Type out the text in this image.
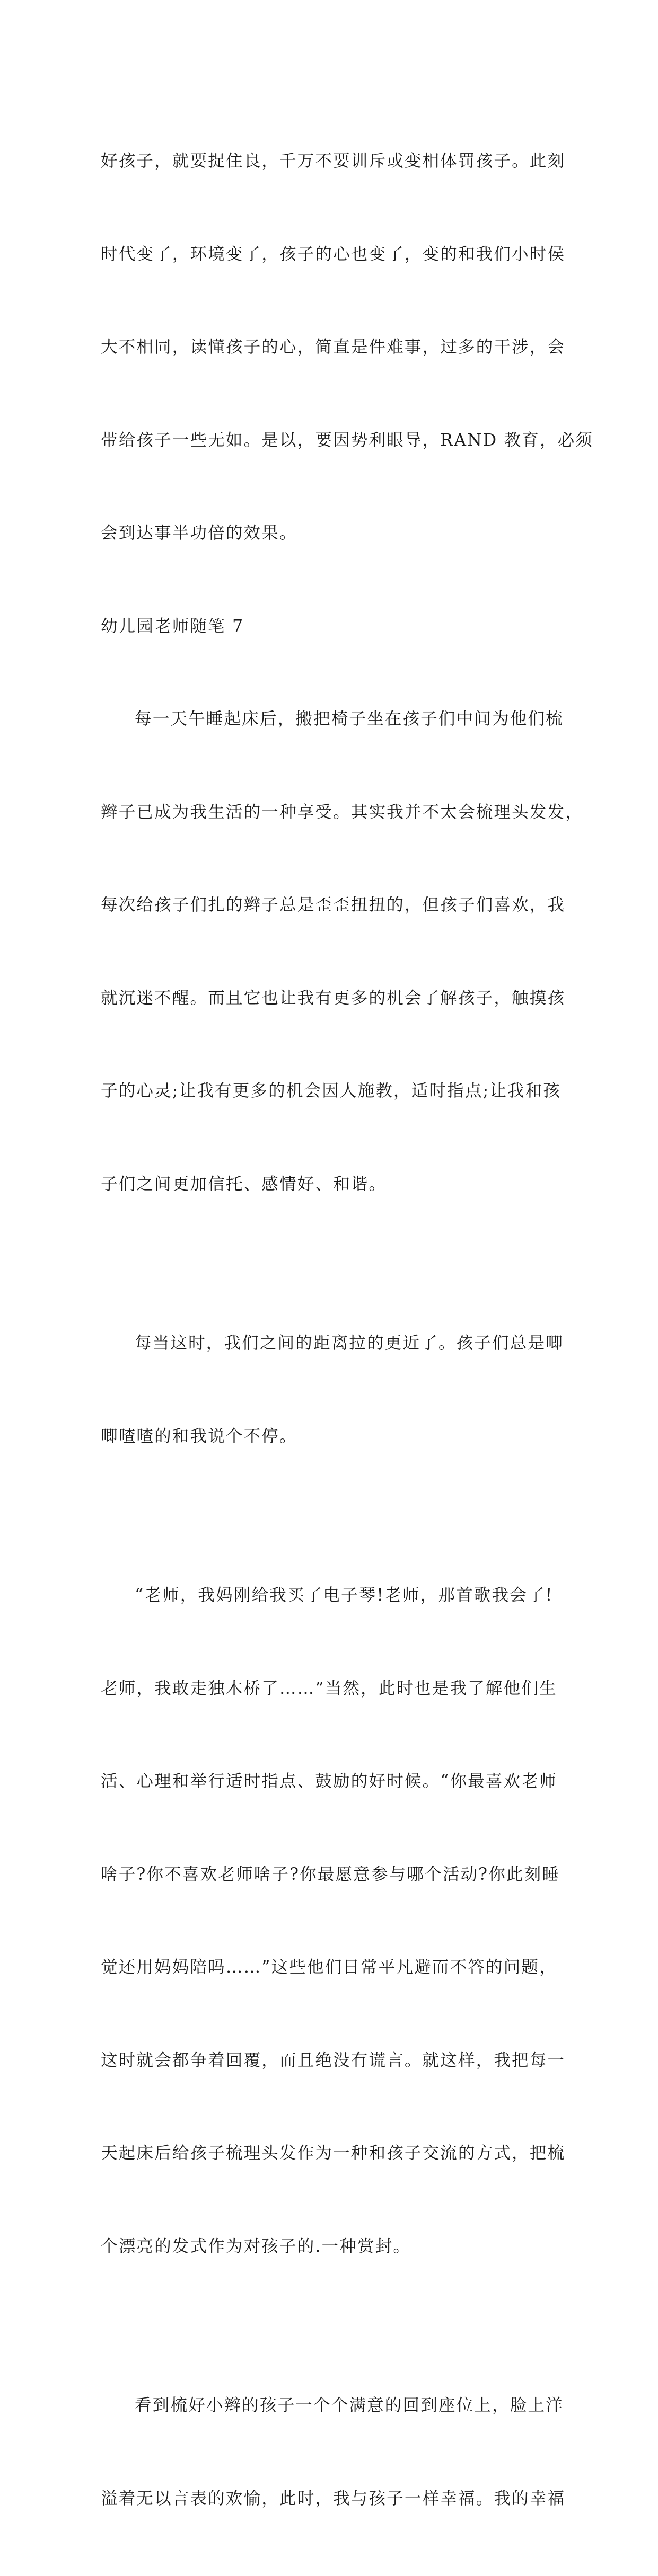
好孩子，就要捉住良，千万不要训斥或变相体罚孩子。此刻

时代变了，环境变了，孩子的心也变了，变的和我们小时侯

大不相同，读懂孩子的心，简直是件难事，过多的干涉，会

带给孩子一些无如。是以，要因势利眼导，RAND 教育，必须

会到达事半功倍的效果。

幼儿园老师随笔 7

每一天午睡起床后，搬把椅子坐在孩子们中间为他们梳

辫子已成为我生活的一种享受。其实我并不太会梳理头发发，

每次给孩子们扎的辫子总是歪歪扭扭的，但孩子们喜欢，我

就沉迷不醒。而且它也让我有更多的机会了解孩子，触摸孩

子的心灵;让我有更多的机会因人施教，适时指点;让我和孩

子们之间更加信托、感情好、和谐。

每当这时，我们之间的距离拉的更近了。孩子们总是唧

唧喳喳的和我说个不停。

“老师，我妈刚给我买了电子琴!老师，那首歌我会了!

老师，我敢走独木桥了……”当然，此时也是我了解他们生

活、心理和举行适时指点、鼓励的好时候。“你最喜欢老师

啥子?你不喜欢老师啥子?你最愿意参与哪个活动?你此刻睡

觉还用妈妈陪吗……”这些他们日常平凡避而不答的问题，

这时就会都争着回覆，而且绝没有谎言。就这样，我把每一

天起床后给孩子梳理头发作为一种和孩子交流的方式，把梳

个漂亮的发式作为对孩子的.一种赏封。

看到梳好小辫的孩子一个个满意的回到座位上，脸上洋

溢着无以言表的欢愉，此时，我与孩子一样幸福。我的幸福
